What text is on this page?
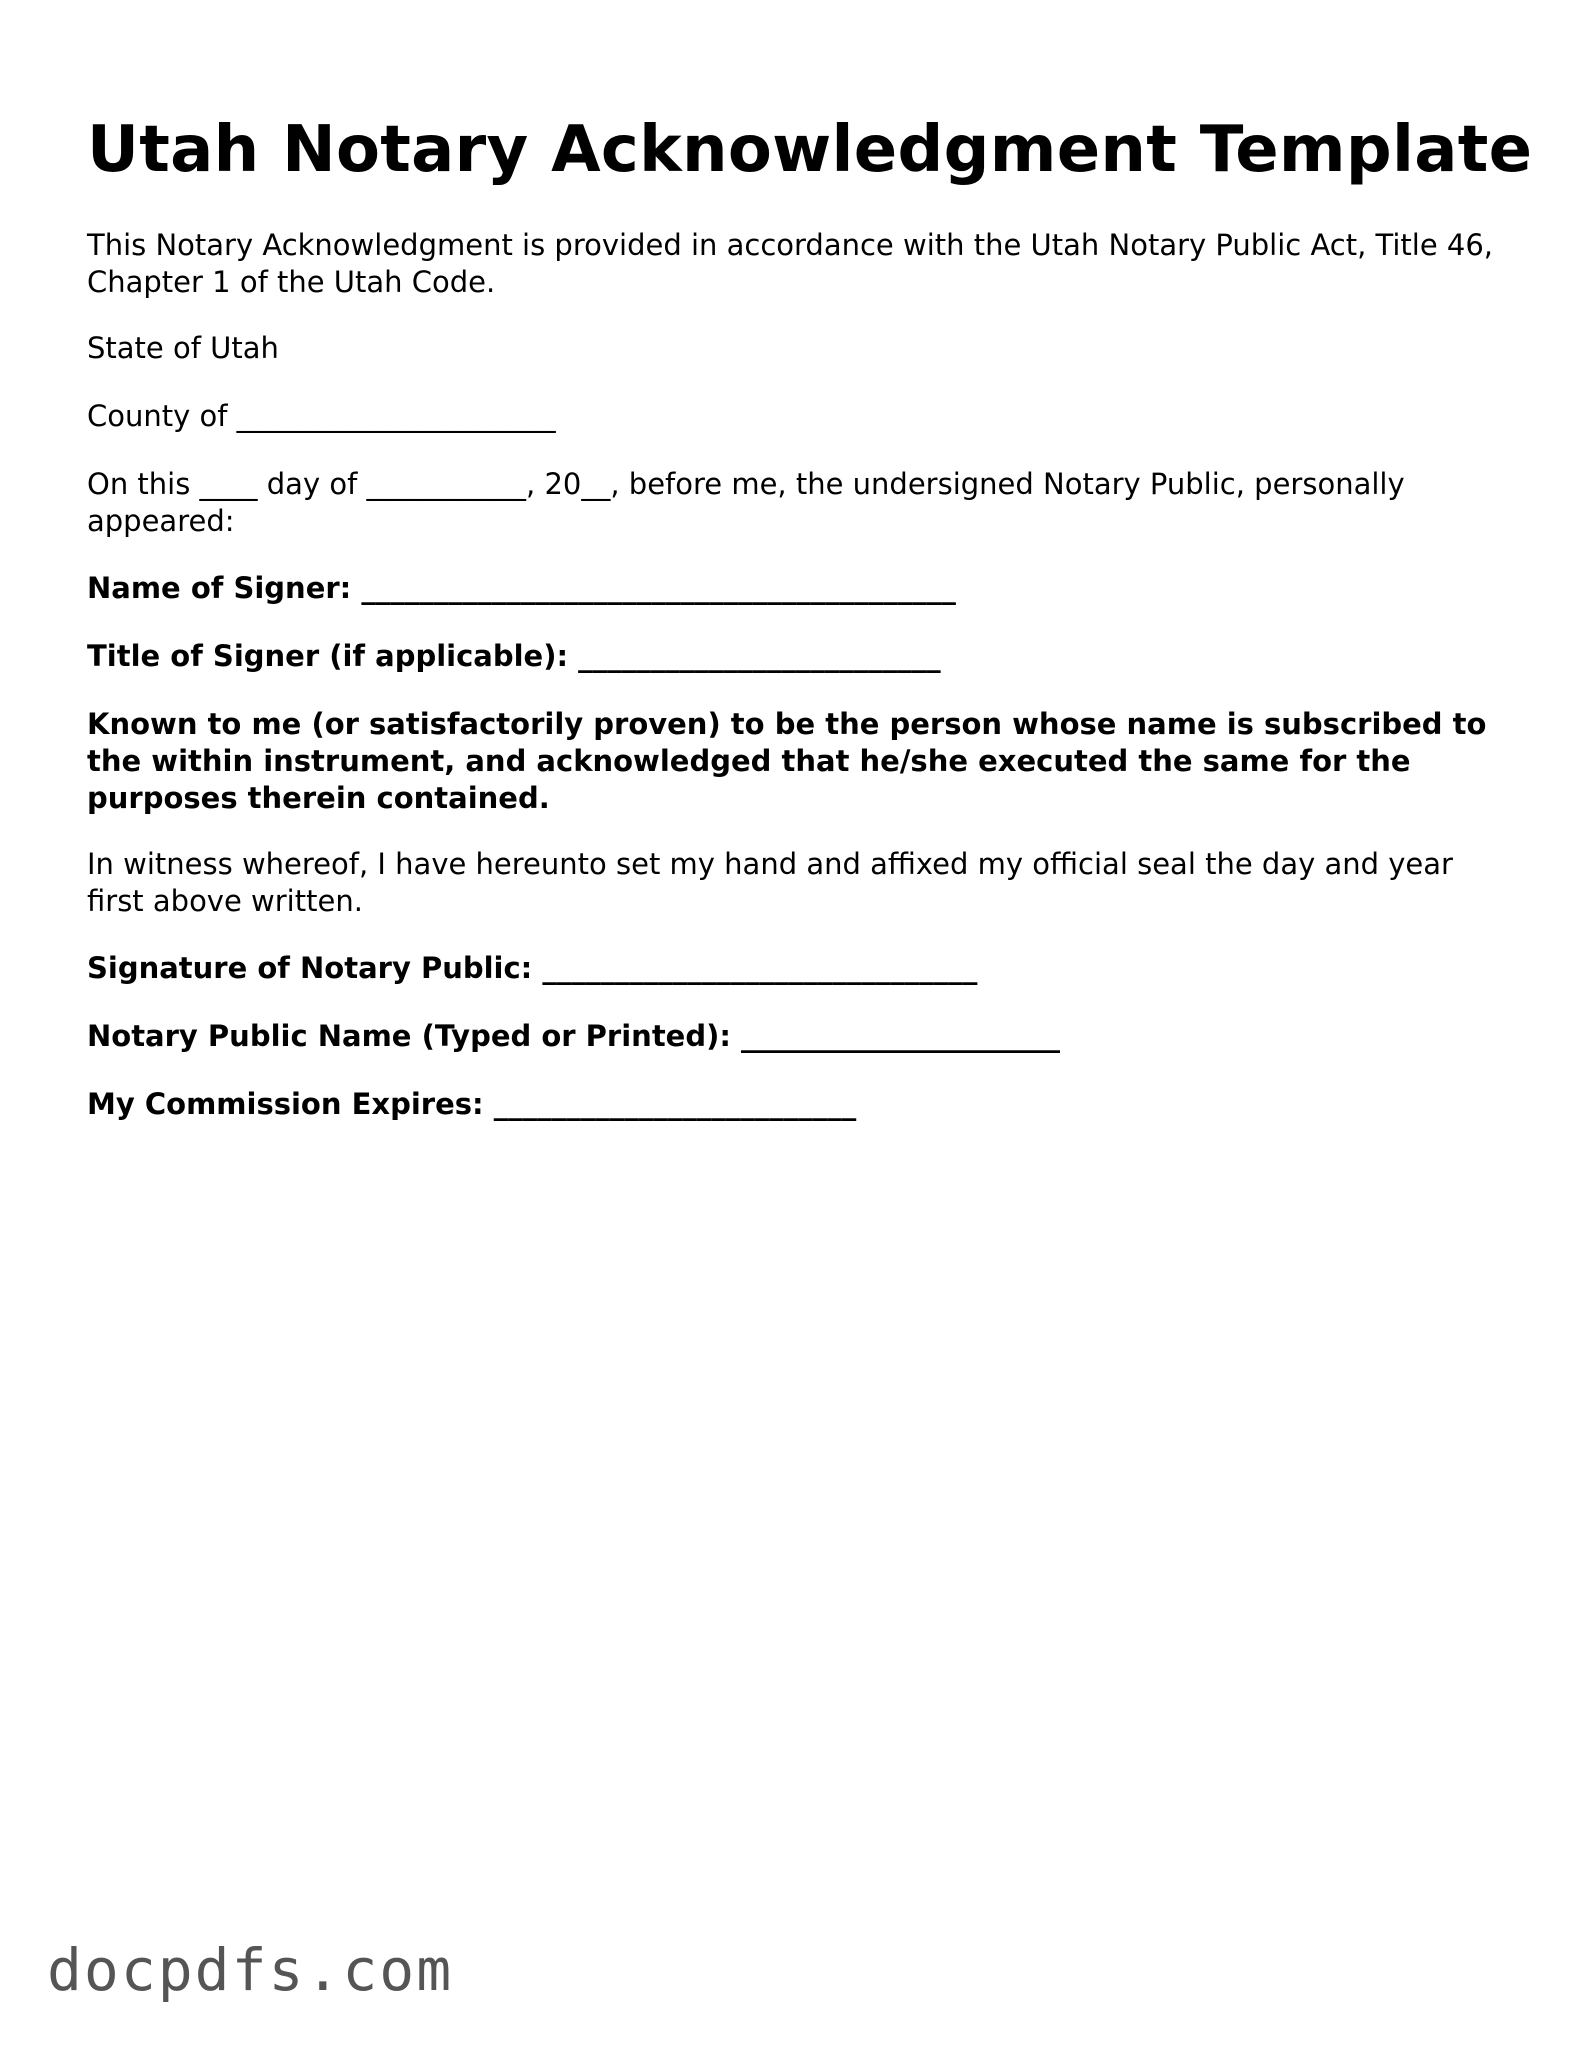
Utah Notary Acknowledgment Template

This Notary Acknowledgment is provided in accordance with the Utah Notary Public Act, Title 46, Chapter 1 of the Utah Code.

State of Utah

County of ______________________

On this ____ day of ___________, 20__, before me, the undersigned Notary Public, personally appeared:

Name of Signer: _________________________________________

Title of Signer (if applicable): _________________________

Known to me (or satisfactorily proven) to be the person whose name is subscribed to the within instrument, and acknowledged that he/she executed the same for the purposes therein contained.

In witness whereof, I have hereunto set my hand and affixed my official seal the day and year first above written.

Signature of Notary Public: ______________________________

Notary Public Name (Typed or Printed): ______________________

My Commission Expires: _________________________

docpdfs.com
